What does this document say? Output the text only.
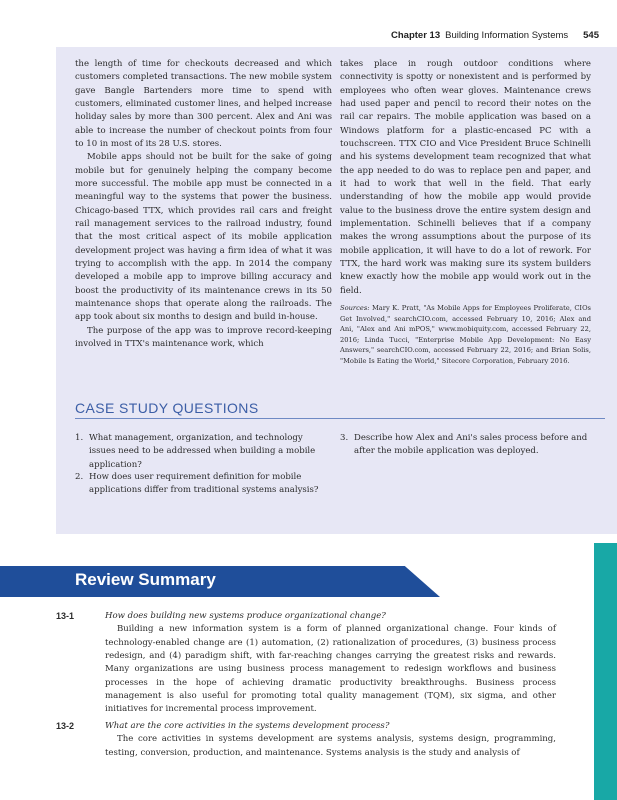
Chapter 13 Building Information Systems 545

the length of time for checkouts decreased and which customers completed transactions. The new mobile system gave Bangle Bartenders more time to spend with customers, eliminated customer lines, and helped increase holiday sales by more than 300 percent. Alex and Ani was able to increase the number of checkout points from four to 10 in most of its 28 U.S. stores.

Mobile apps should not be built for the sake of going mobile but for genuinely helping the company become more successful. The mobile app must be connected in a meaningful way to the systems that power the business. Chicago-based TTX, which provides rail cars and freight rail management services to the railroad industry, found that the most critical aspect of its mobile application development project was having a firm idea of what it was trying to accomplish with the app. In 2014 the company developed a mobile app to improve billing accuracy and boost the productivity of its maintenance crews in its 50 maintenance shops that operate along the railroads. The app took about six months to design and build in-house.

The purpose of the app was to improve record-keeping involved in TTX's maintenance work, which

takes place in rough outdoor conditions where connectivity is spotty or nonexistent and is performed by employees who often wear gloves. Maintenance crews had used paper and pencil to record their notes on the rail car repairs. The mobile application was based on a Windows platform for a plastic-encased PC with a touchscreen. TTX CIO and Vice President Bruce Schinelli and his systems development team recognized that what the app needed to do was to replace pen and paper, and it had to work that well in the field. That early understanding of how the mobile app would provide value to the business drove the entire system design and implementation. Schinelli believes that if a company makes the wrong assumptions about the purpose of its mobile application, it will have to do a lot of rework. For TTX, the hard work was making sure its system builders knew exactly how the mobile app would work out in the field.

Sources: Mary K. Pratt, "As Mobile Apps for Employees Proliferate, CIOs Get Involved," searchCIO.com, accessed February 10, 2016; Alex and Ani, "Alex and Ani mPOS," www.mobiquity.com, accessed February 22, 2016; Linda Tucci, "Enterprise Mobile App Development: No Easy Answers," searchCIO.com, accessed February 22, 2016; and Brian Solis, "Mobile Is Eating the World," Sitecore Corporation, February 2016.

CASE STUDY QUESTIONS
1. What management, organization, and technology issues need to be addressed when building a mobile application?
2. How does user requirement definition for mobile applications differ from traditional systems analysis?
3. Describe how Alex and Ani's sales process before and after the mobile application was deployed.
Review Summary
13-1	How does building new systems produce organizational change?
Building a new information system is a form of planned organizational change. Four kinds of technology-enabled change are (1) automation, (2) rationalization of procedures, (3) business process redesign, and (4) paradigm shift, with far-reaching changes carrying the greatest risks and rewards. Many organizations are using business process management to redesign workflows and business processes in the hope of achieving dramatic productivity breakthroughs. Business process management is also useful for promoting total quality management (TQM), six sigma, and other initiatives for incremental process improvement.
13-2	What are the core activities in the systems development process?
The core activities in systems development are systems analysis, systems design, programming, testing, conversion, production, and maintenance. Systems analysis is the study and analysis of
